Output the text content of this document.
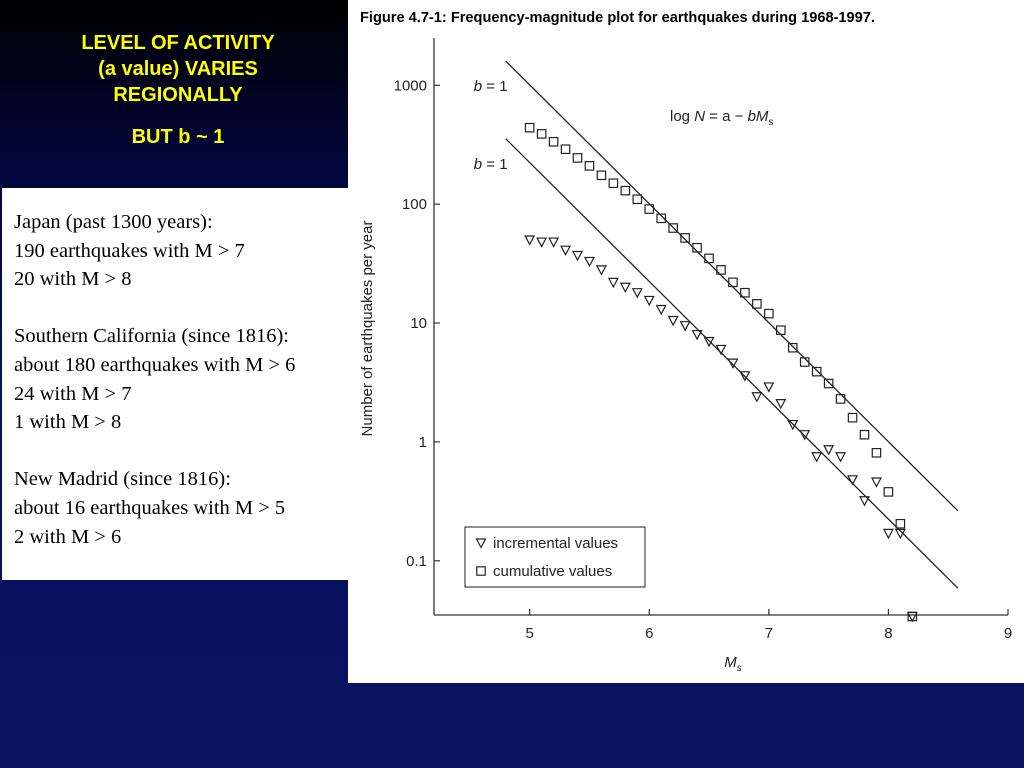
LEVEL OF ACTIVITY
(a value) VARIES
REGIONALLY
BUT b ~ 1
Japan (past 1300 years):
190 earthquakes with M > 7
20 with M > 8
Southern California (since 1816):
about 180 earthquakes with M > 6
24 with M > 7
1 with M > 8
New Madrid (since 1816):
about 16 earthquakes with M > 5
2 with M > 6
Figure 4.7-1: Frequency-magnitude plot for earthquakes during 1968-1997.
5	6	7	8	9
1000
100
10
1
0.1
$M_s$
Number of earthquakes per year
b = 1
b = 1
$\log N = a - bM_s$
incremental values
cumulative values
